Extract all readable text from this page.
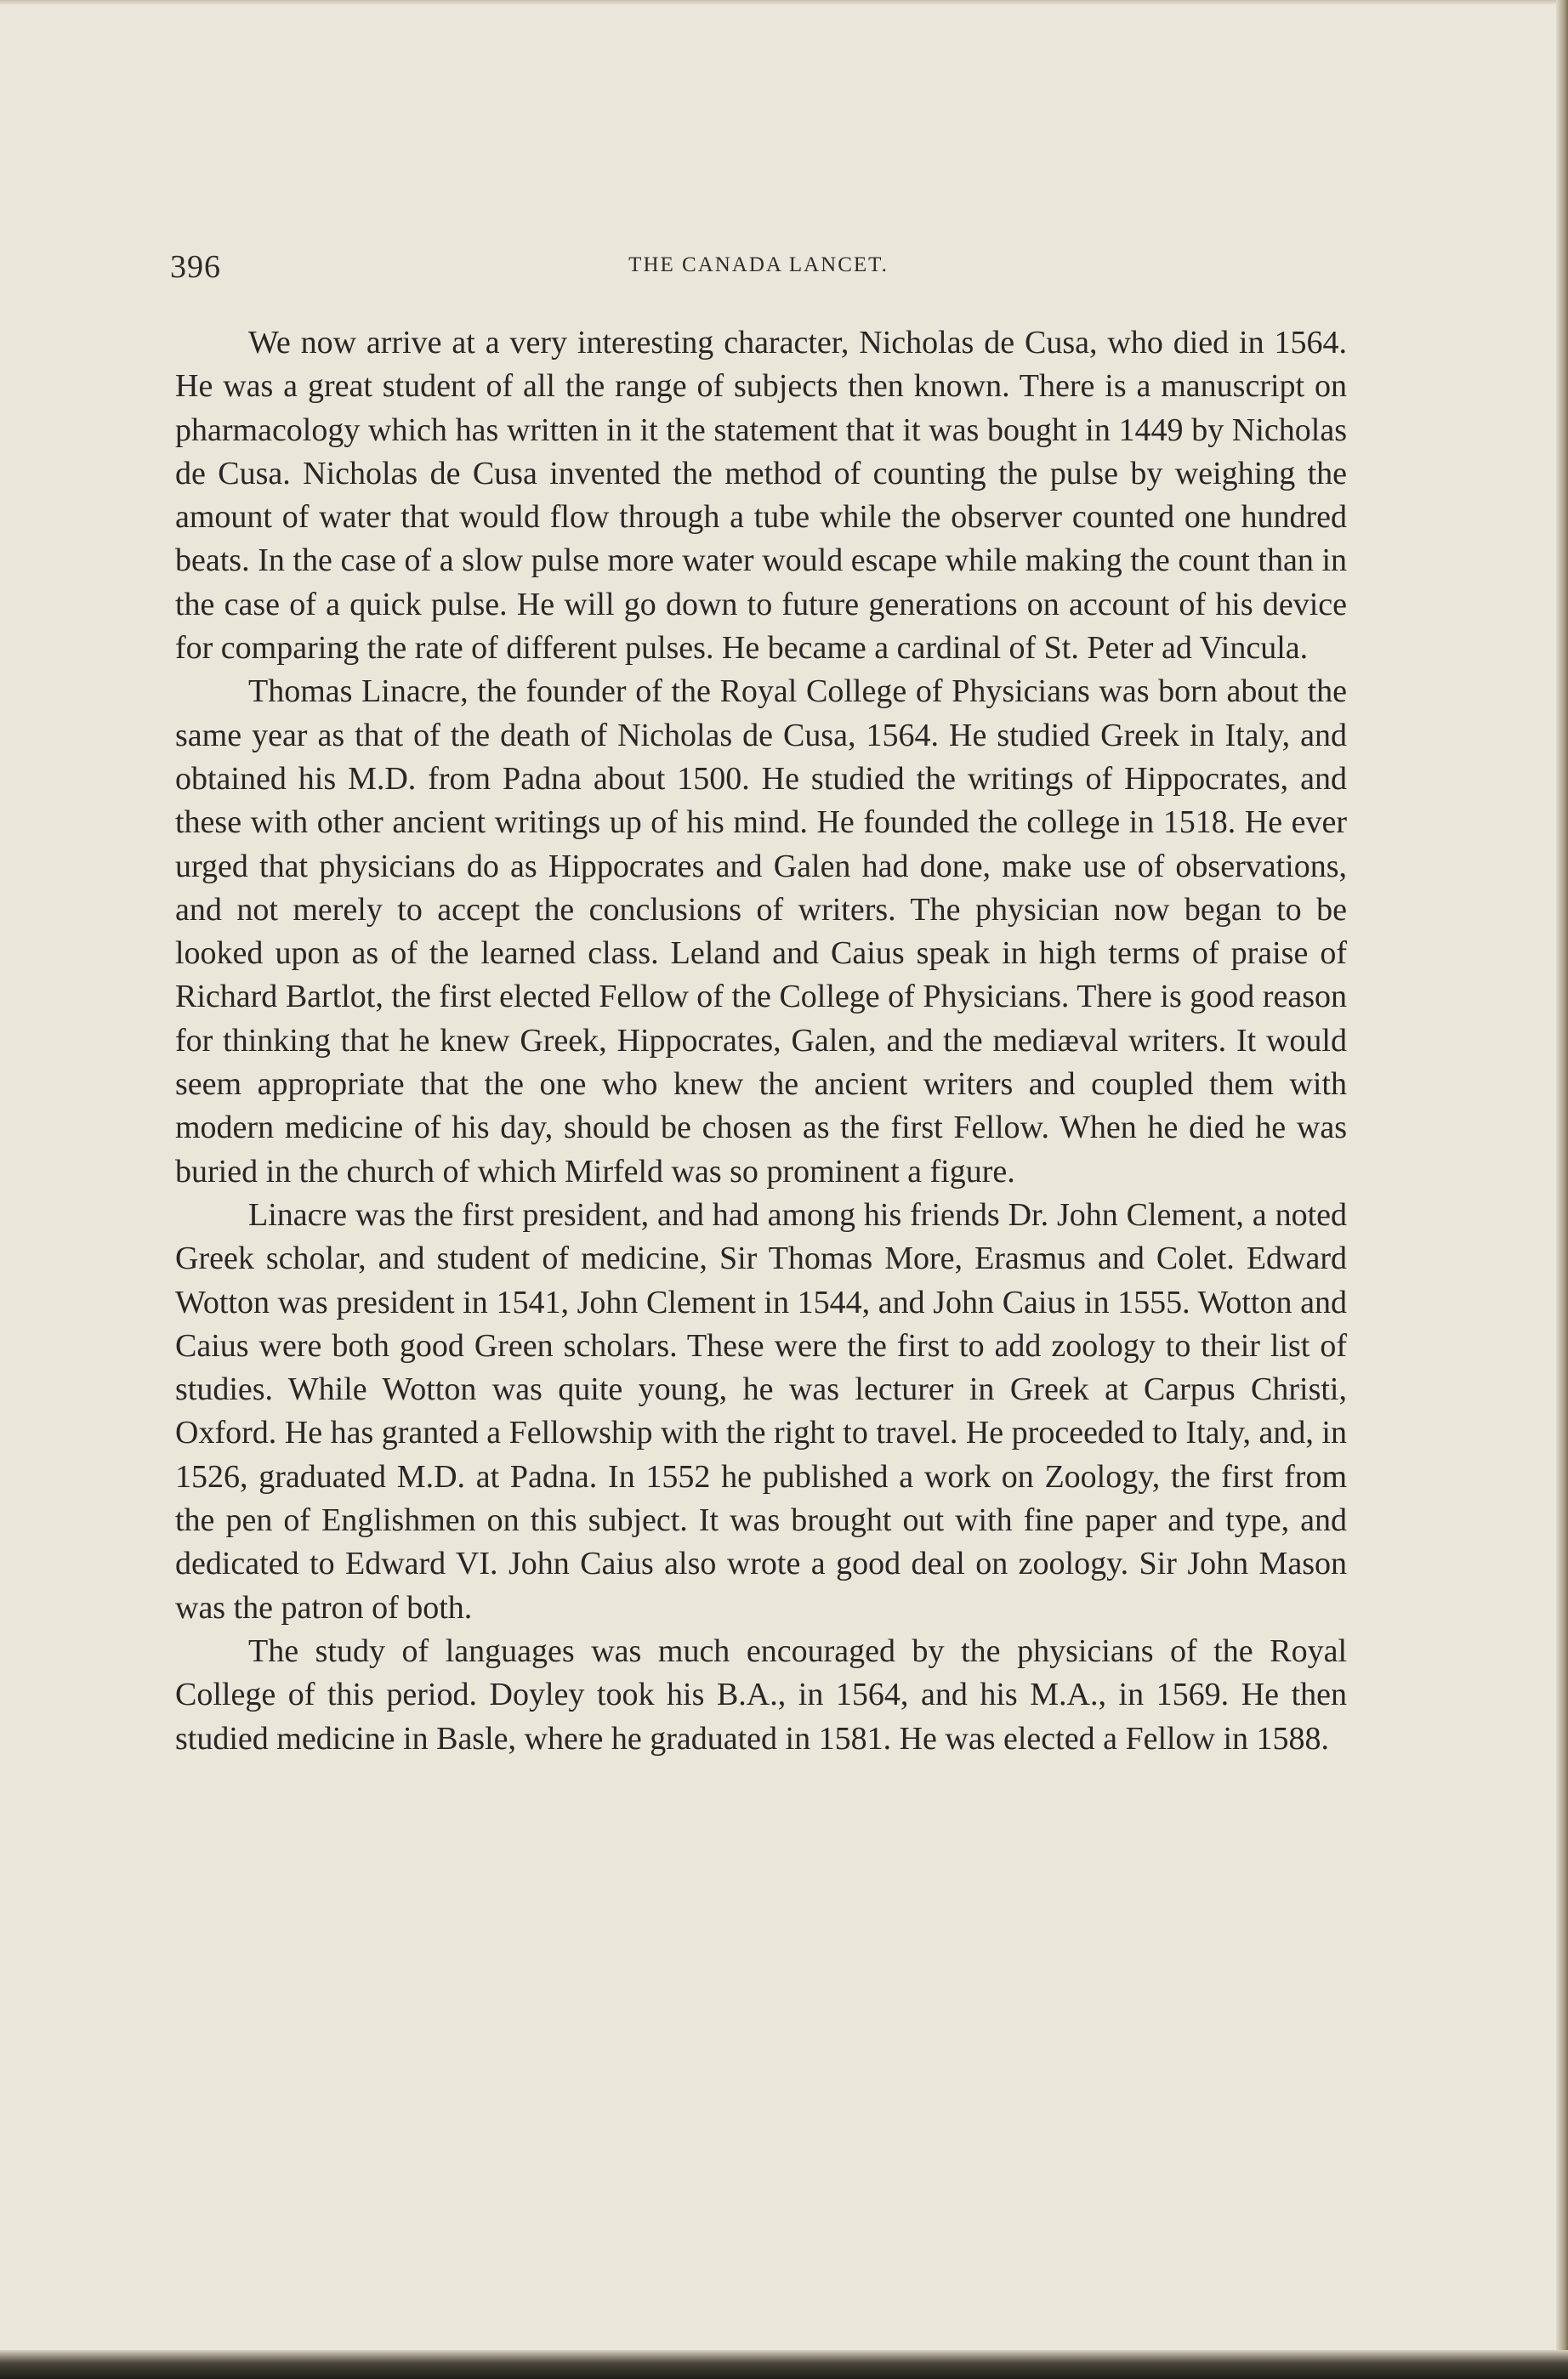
396	THE CANADA LANCET.

We now arrive at a very interesting character, Nicholas de Cusa, who died in 1564. He was a great student of all the range of subjects then known. There is a manuscript on pharmacology which has written in it the statement that it was bought in 1449 by Nicholas de Cusa. Nicholas de Cusa invented the method of counting the pulse by weighing the amount of water that would flow through a tube while the observer counted one hundred beats. In the case of a slow pulse more water would escape while making the count than in the case of a quick pulse. He will go down to future generations on account of his device for comparing the rate of different pulses. He became a cardinal of St. Peter ad Vincula.

Thomas Linacre, the founder of the Royal College of Physicians was born about the same year as that of the death of Nicholas de Cusa, 1564. He studied Greek in Italy, and obtained his M.D. from Padna about 1500. He studied the writings of Hippocrates, and these with other ancient writings up of his mind. He founded the college in 1518. He ever urged that physicians do as Hippocrates and Galen had done, make use of observations, and not merely to accept the conclusions of writers. The physician now began to be looked upon as of the learned class. Leland and Caius speak in high terms of praise of Richard Bartlot, the first elected Fellow of the College of Physicians. There is good reason for thinking that he knew Greek, Hippocrates, Galen, and the mediæval writers. It would seem appropriate that the one who knew the ancient writers and coupled them with modern medicine of his day, should be chosen as the first Fellow. When he died he was buried in the church of which Mirfeld was so prominent a figure.

Linacre was the first president, and had among his friends Dr. John Clement, a noted Greek scholar, and student of medicine, Sir Thomas More, Erasmus and Colet. Edward Wotton was president in 1541, John Clement in 1544, and John Caius in 1555. Wotton and Caius were both good Green scholars. These were the first to add zoology to their list of studies. While Wotton was quite young, he was lecturer in Greek at Carpus Christi, Oxford. He has granted a Fellowship with the right to travel. He proceeded to Italy, and, in 1526, graduated M.D. at Padna. In 1552 he published a work on Zoology, the first from the pen of Englishmen on this subject. It was brought out with fine paper and type, and dedicated to Edward VI. John Caius also wrote a good deal on zoology. Sir John Mason was the patron of both.

The study of languages was much encouraged by the physicians of the Royal College of this period. Doyley took his B.A., in 1564, and his M.A., in 1569. He then studied medicine in Basle, where he graduated in 1581. He was elected a Fellow in 1588.
